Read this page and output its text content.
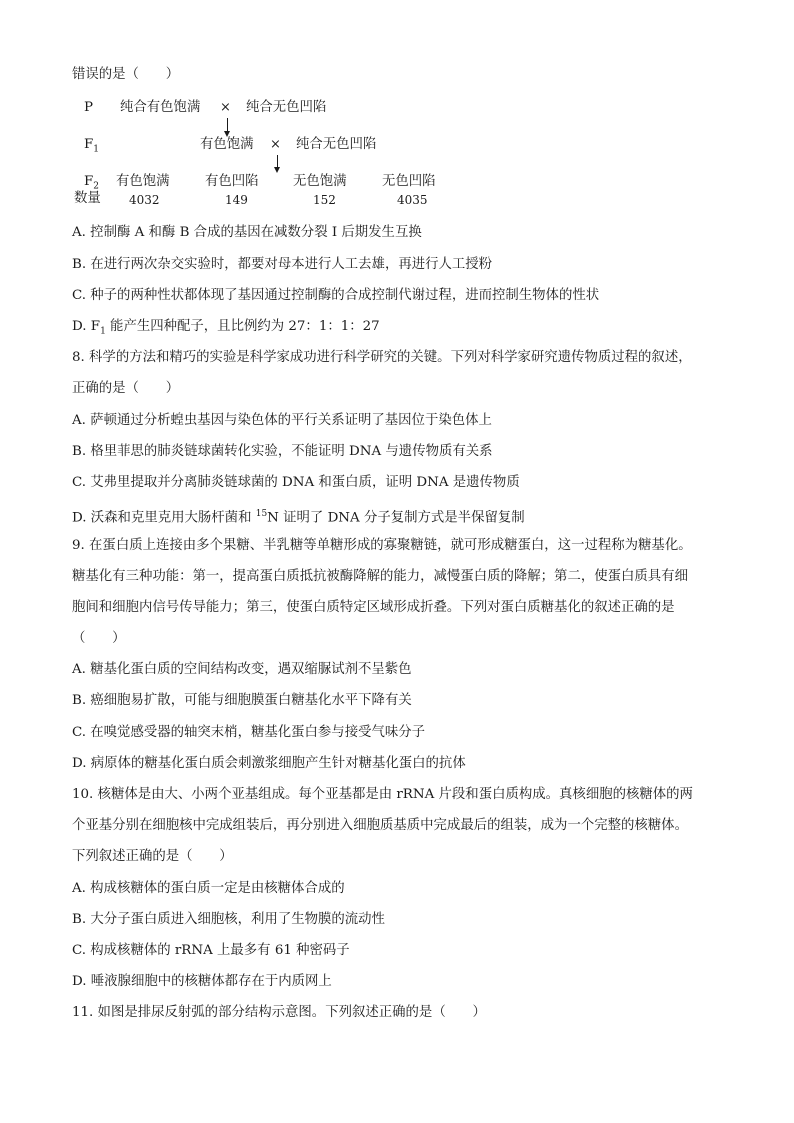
错误的是（　　）
P 纯合有色饱满 × 纯合无色凹陷
$F_1$	有色饱满 × 纯合无色凹陷
$F_2$ 有色饱满	有色凹陷	无色饱满	无色凹陷
数量 4032	149	152	4035
A. 控制酶 A 和酶 B 合成的基因在减数分裂 I 后期发生互换
B. 在进行两次杂交实验时，都要对母本进行人工去雄，再进行人工授粉
C. 种子的两种性状都体现了基因通过控制酶的合成控制代谢过程，进而控制生物体的性状
D. $F_1$ 能产生四种配子，且比例约为 27：1：1：27
8. 科学的方法和精巧的实验是科学家成功进行科学研究的关键。下列对科学家研究遗传物质过程的叙述，
正确的是（　　）
A. 萨顿通过分析蝗虫基因与染色体的平行关系证明了基因位于染色体上
B. 格里菲思的肺炎链球菌转化实验，不能证明 DNA 与遗传物质有关系
C. 艾弗里提取并分离肺炎链球菌的 DNA 和蛋白质，证明 DNA 是遗传物质
D. 沃森和克里克用大肠杆菌和 $^{15}$N 证明了 DNA 分子复制方式是半保留复制
9. 在蛋白质上连接由多个果糖、半乳糖等单糖形成的寡聚糖链，就可形成糖蛋白，这一过程称为糖基化。
糖基化有三种功能：第一，提高蛋白质抵抗被酶降解的能力，减慢蛋白质的降解；第二，使蛋白质具有细
胞间和细胞内信号传导能力；第三，使蛋白质特定区域形成折叠。下列对蛋白质糖基化的叙述正确的是
（　　）
A. 糖基化蛋白质的空间结构改变，遇双缩脲试剂不呈紫色
B. 癌细胞易扩散，可能与细胞膜蛋白糖基化水平下降有关
C. 在嗅觉感受器的轴突末梢，糖基化蛋白参与接受气味分子
D. 病原体的糖基化蛋白质会刺激浆细胞产生针对糖基化蛋白的抗体
10. 核糖体是由大、小两个亚基组成。每个亚基都是由 rRNA 片段和蛋白质构成。真核细胞的核糖体的两
个亚基分别在细胞核中完成组装后，再分别进入细胞质基质中完成最后的组装，成为一个完整的核糖体。
下列叙述正确的是（　　）
A. 构成核糖体的蛋白质一定是由核糖体合成的
B. 大分子蛋白质进入细胞核，利用了生物膜的流动性
C. 构成核糖体的 rRNA 上最多有 61 种密码子
D. 唾液腺细胞中的核糖体都存在于内质网上
11. 如图是排尿反射弧的部分结构示意图。下列叙述正确的是（　　）
